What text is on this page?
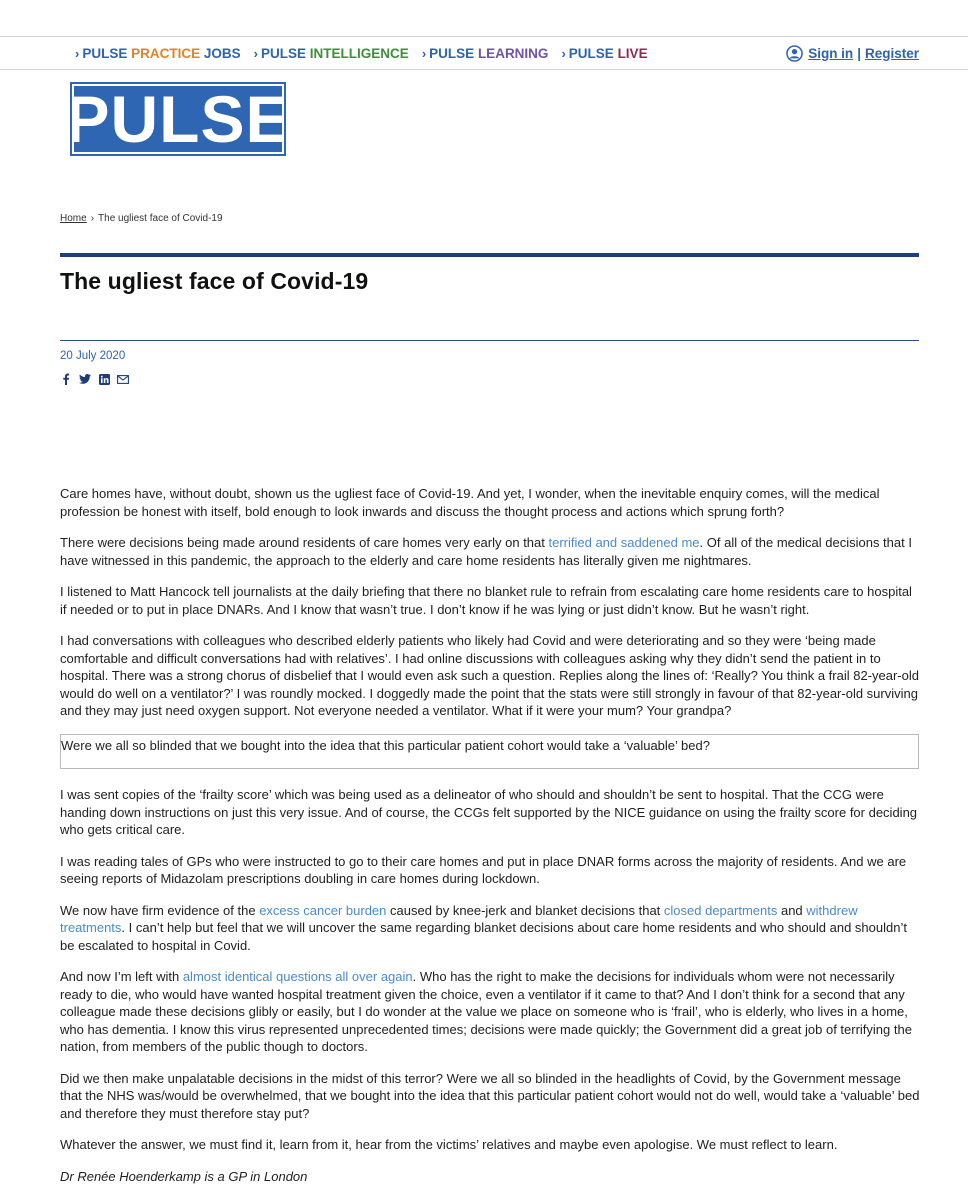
› PULSE
PRACTICE
JOBS › PULSE
INTELLIGENCE › PULSE
LEARNING › PULSE
LIVE	Sign in | Register
PULSE
Home › The ugliest face of Covid-19
The ugliest face of Covid-19
20 July 2020

Care homes have, without doubt, shown us the ugliest face of Covid-19. And yet, I wonder, when the inevitable enquiry comes, will the medical profession be honest with itself, bold enough to look inwards and discuss the thought process and actions which sprung forth?

There were decisions being made around residents of care homes very early on that terrified and saddened me. Of all of the medical decisions that I have witnessed in this pandemic, the approach to the elderly and care home residents has literally given me nightmares.

I listened to Matt Hancock tell journalists at the daily briefing that there no blanket rule to refrain from escalating care home residents care to hospital if needed or to put in place DNARs. And I know that wasn’t true. I don’t know if he was lying or just didn’t know. But he wasn’t right.

I had conversations with colleagues who described elderly patients who likely had Covid and were deteriorating and so they were ‘being made comfortable and difficult conversations had with relatives’. I had online discussions with colleagues asking why they didn’t send the patient in to hospital. There was a strong chorus of disbelief that I would even ask such a question. Replies along the lines of: ‘Really? You think a frail 82-year-old would do well on a ventilator?’ I was roundly mocked. I doggedly made the point that the stats were still strongly in favour of that 82-year-old surviving and they may just need oxygen support. Not everyone needed a ventilator. What if it were your mum? Your grandpa?

Were we all so blinded that we bought into the idea that this particular patient cohort would take a ‘valuable’ bed?

I was sent copies of the ‘frailty score’ which was being used as a delineator of who should and shouldn’t be sent to hospital. That the CCG were handing down instructions on just this very issue. And of course, the CCGs felt supported by the NICE guidance on using the frailty score for deciding who gets critical care.

I was reading tales of GPs who were instructed to go to their care homes and put in place DNAR forms across the majority of residents. And we are seeing reports of Midazolam prescriptions doubling in care homes during lockdown.

We now have firm evidence of the excess cancer burden caused by knee-jerk and blanket decisions that closed departments and withdrew treatments. I can’t help but feel that we will uncover the same regarding blanket decisions about care home residents and who should and shouldn’t be escalated to hospital in Covid.

And now I’m left with almost identical questions all over again. Who has the right to make the decisions for individuals whom were not necessarily ready to die, who would have wanted hospital treatment given the choice, even a ventilator if it came to that? And I don’t think for a second that any colleague made these decisions glibly or easily, but I do wonder at the value we place on someone who is ‘frail’, who is elderly, who lives in a home, who has dementia. I know this virus represented unprecedented times; decisions were made quickly; the Government did a great job of terrifying the nation, from members of the public though to doctors.

Did we then make unpalatable decisions in the midst of this terror? Were we all so blinded in the headlights of Covid, by the Government message that the NHS was/would be overwhelmed, that we bought into the idea that this particular patient cohort would not do well, would take a ‘valuable’ bed and therefore they must therefore stay put?

Whatever the answer, we must find it, learn from it, hear from the victims’ relatives and maybe even apologise. We must reflect to learn.

Dr Renée Hoenderkamp is a GP in London
